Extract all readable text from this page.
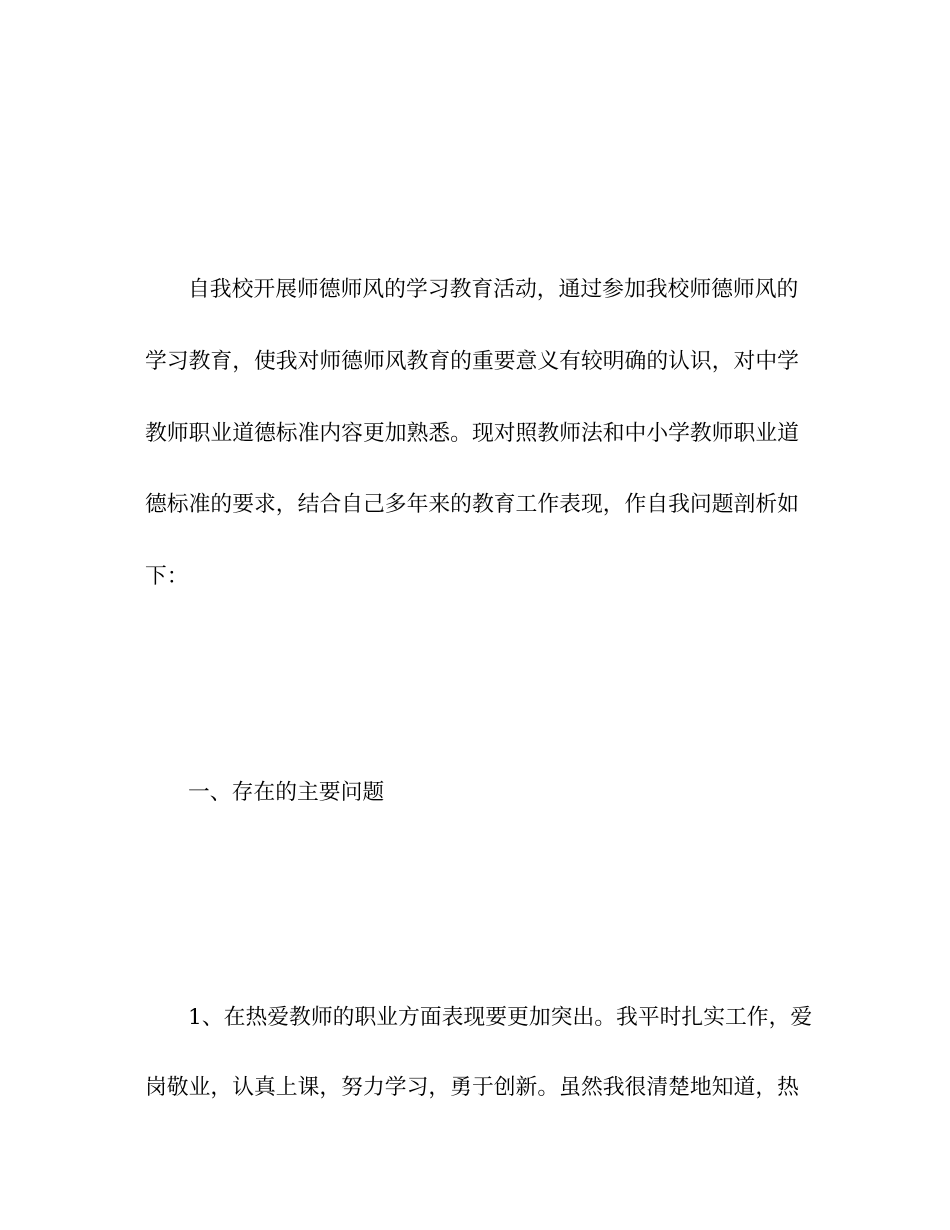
自我校开展师德师风的学习教育活动，通过参加我校师德师风的
学习教育，使我对师德师风教育的重要意义有较明确的认识，对中学
教师职业道德标准内容更加熟悉。现对照教师法和中小学教师职业道
德标准的要求，结合自己多年来的教育工作表现，作自我问题剖析如
下：
一、存在的主要问题
1、在热爱教师的职业方面表现要更加突出。我平时扎实工作，爱
岗敬业，认真上课，努力学习，勇于创新。虽然我很清楚地知道，热
